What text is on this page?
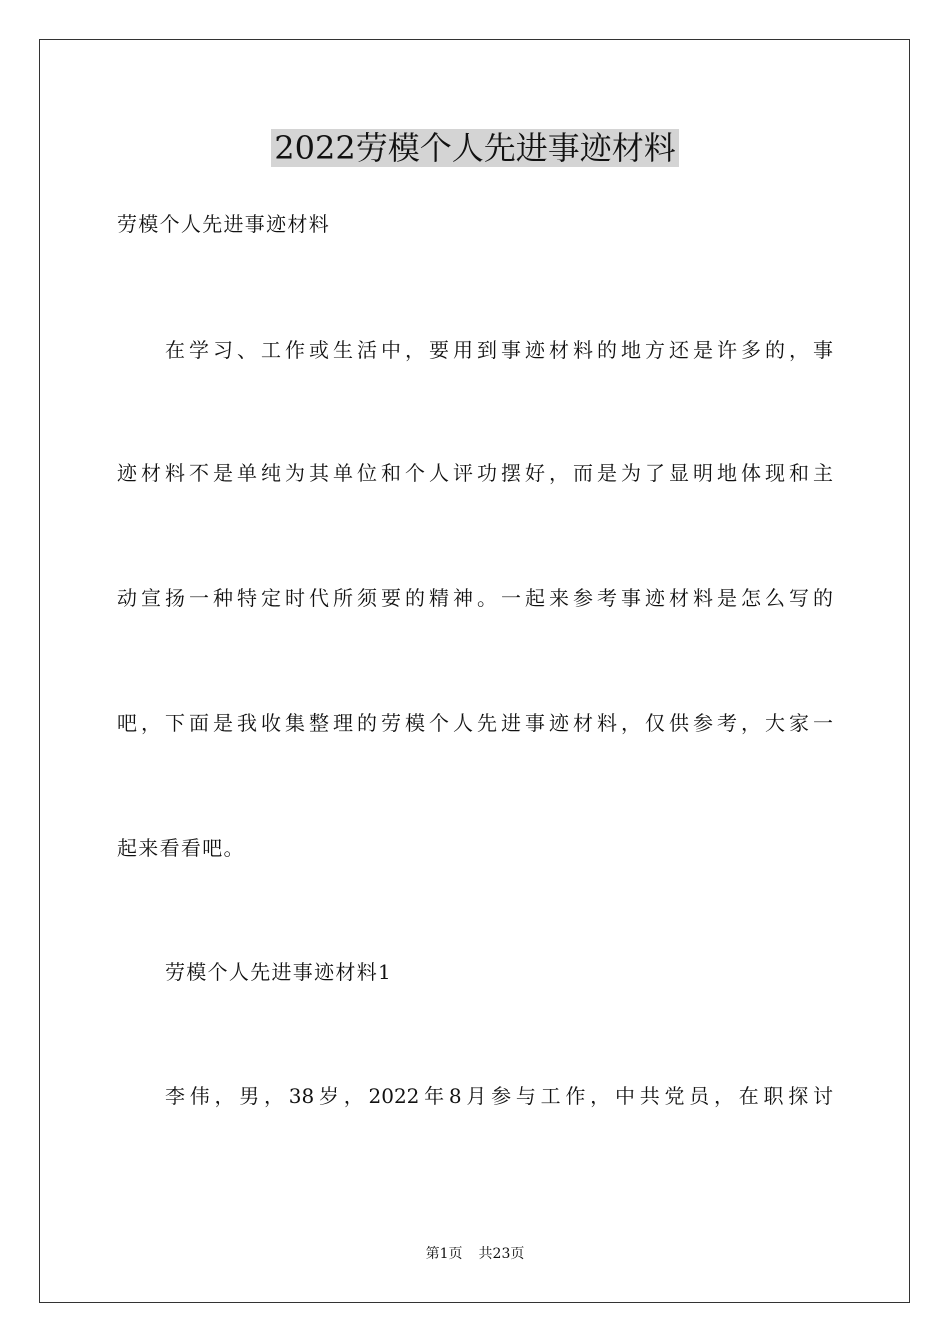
2022劳模个人先进事迹材料
劳模个人先进事迹材料
在学习、工作或生活中，要用到事迹材料的地方还是许多的，事
迹材料不是单纯为其单位和个人评功摆好，而是为了显明地体现和主
动宣扬一种特定时代所须要的精神。一起来参考事迹材料是怎么写的
吧，下面是我收集整理的劳模个人先进事迹材料，仅供参考，大家一
起来看看吧。
劳模个人先进事迹材料1
李伟，男，38岁，2022年8月参与工作，中共党员，在职探讨
第1页 共23页
